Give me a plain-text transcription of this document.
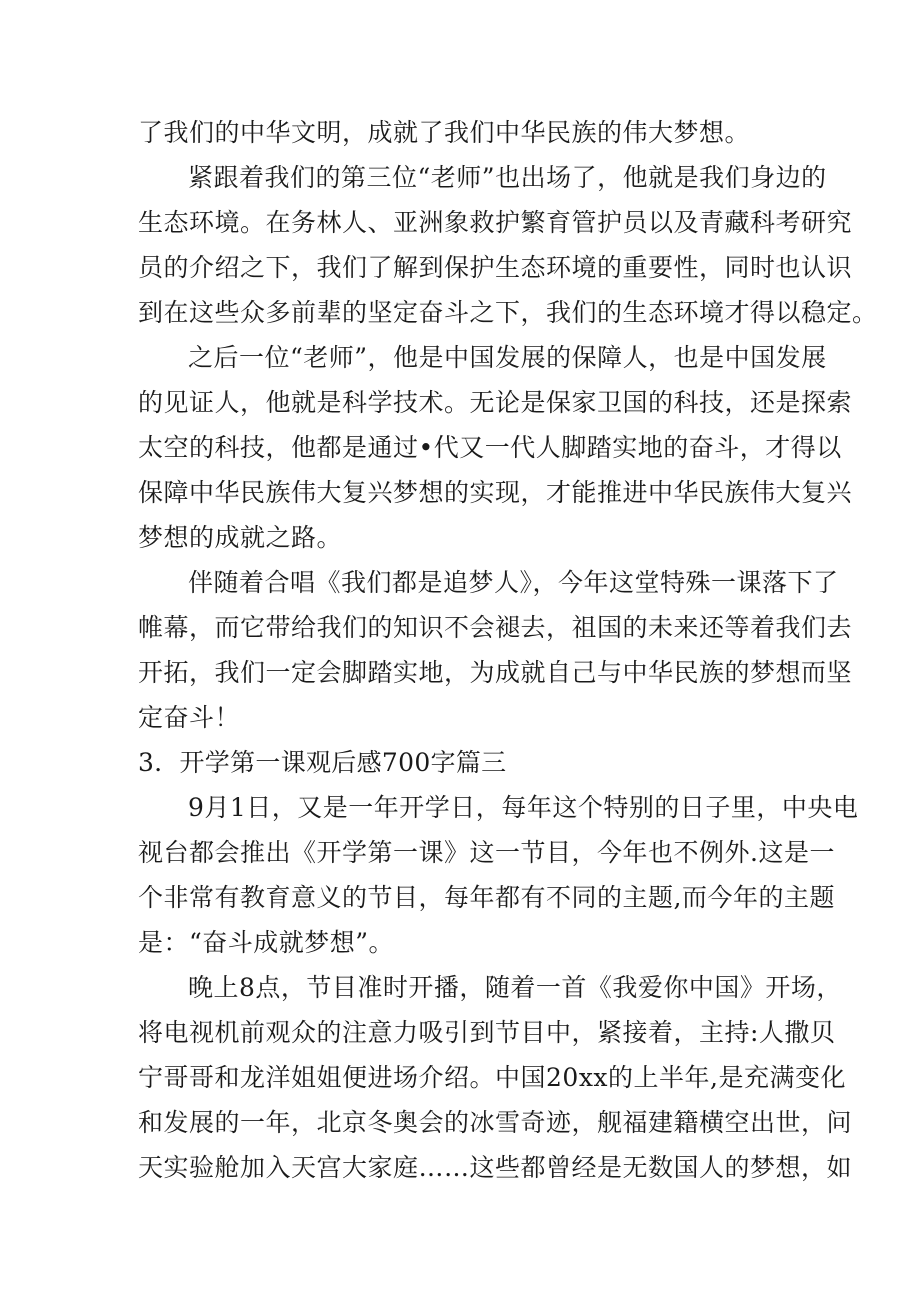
了我们的中华文明，成就了我们中华民族的伟大梦想。
紧跟着我们的第三位“老师”也出场了，他就是我们身边的
生态环境。在务林人、亚洲象救护繁育管护员以及青藏科考研究
员的介绍之下，我们了解到保护生态环境的重要性，同时也认识
到在这些众多前辈的坚定奋斗之下，我们的生态环境才得以稳定。
之后一位“老师”，他是中国发展的保障人，也是中国发展
的见证人，他就是科学技术。无论是保家卫国的科技，还是探索
太空的科技，他都是通过•代又一代人脚踏实地的奋斗，才得以
保障中华民族伟大复兴梦想的实现，才能推进中华民族伟大复兴
梦想的成就之路。
伴随着合唱《我们都是追梦人》，今年这堂特殊一课落下了
帷幕，而它带给我们的知识不会褪去，祖国的未来还等着我们去
开拓，我们一定会脚踏实地，为成就自己与中华民族的梦想而坚
定奋斗！
3．开学第一课观后感700字篇三
9月1日，又是一年开学日，每年这个特别的日子里，中央电
视台都会推出《开学第一课》这一节目，今年也不例外.这是一
个非常有教育意义的节目，每年都有不同的主题,而今年的主题
是：“奋斗成就梦想”。
晚上8点，节目准时开播，随着一首《我爱你中国》开场，
将电视机前观众的注意力吸引到节目中，紧接着，主持:人撒贝
宁哥哥和龙洋姐姐便进场介绍。中国20xx的上半年,是充满变化
和发展的一年，北京冬奥会的冰雪奇迹，舰福建籍横空出世，问
天实验舱加入天宫大家庭……这些都曾经是无数国人的梦想，如
